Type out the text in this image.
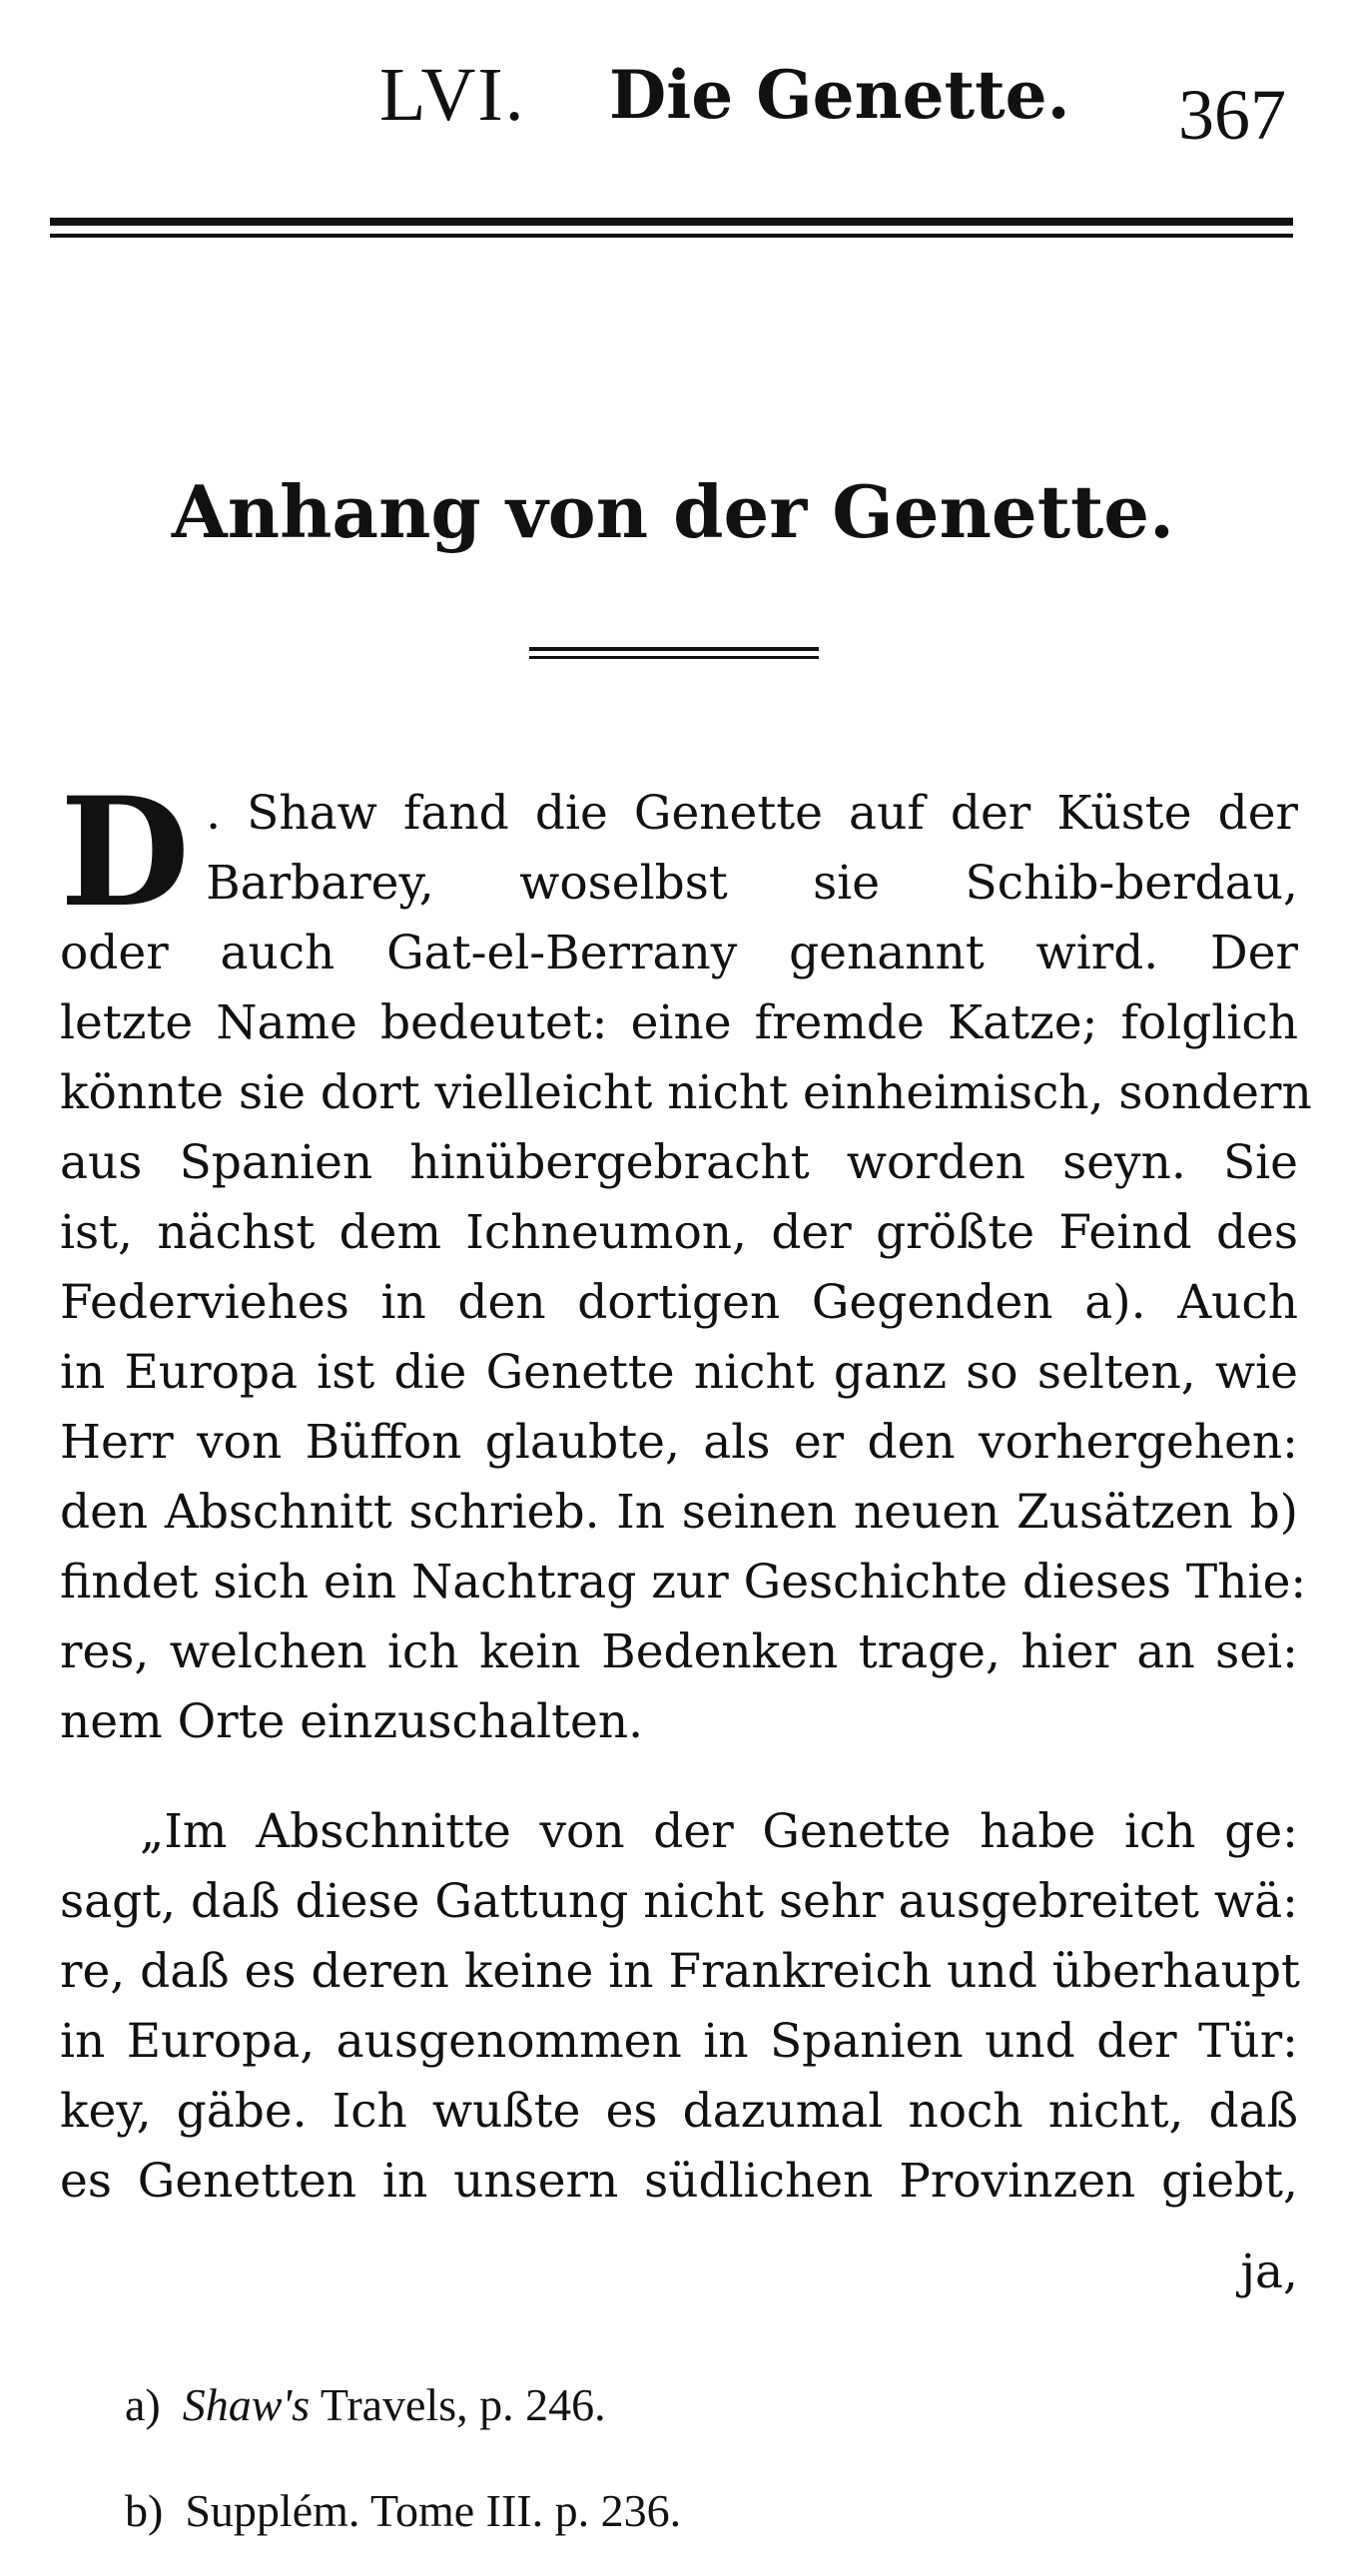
LVI. Die Genette. 367
Anhang von der Genette.
D . Shaw fand die Genette auf der Küste der
Barbarey, woselbst sie Schib-berdau,
oder auch Gat-el-Berrany genannt wird. Der
letzte Name bedeutet: eine fremde Katze; folglich
könnte sie dort vielleicht nicht einheimisch, sondern
aus Spanien hinübergebracht worden seyn. Sie
ist, nächst dem Ichneumon, der größte Feind des
Federviehes in den dortigen Gegenden a). Auch
in Europa ist die Genette nicht ganz so selten, wie
Herr von Büffon glaubte, als er den vorhergehen:
den Abschnitt schrieb. In seinen neuen Zusätzen b)
findet sich ein Nachtrag zur Geschichte dieses Thie:
res, welchen ich kein Bedenken trage, hier an sei:
nem Orte einzuschalten.
„Im Abschnitte von der Genette habe ich ge:
sagt, daß diese Gattung nicht sehr ausgebreitet wä:
re, daß es deren keine in Frankreich und überhaupt
in Europa, ausgenommen in Spanien und der Tür:
key, gäbe. Ich wußte es dazumal noch nicht, daß
es Genetten in unsern südlichen Provinzen giebt,
ja,
a) Shaw's Travels, p. 246.
b) Supplém. Tome III. p. 236.
